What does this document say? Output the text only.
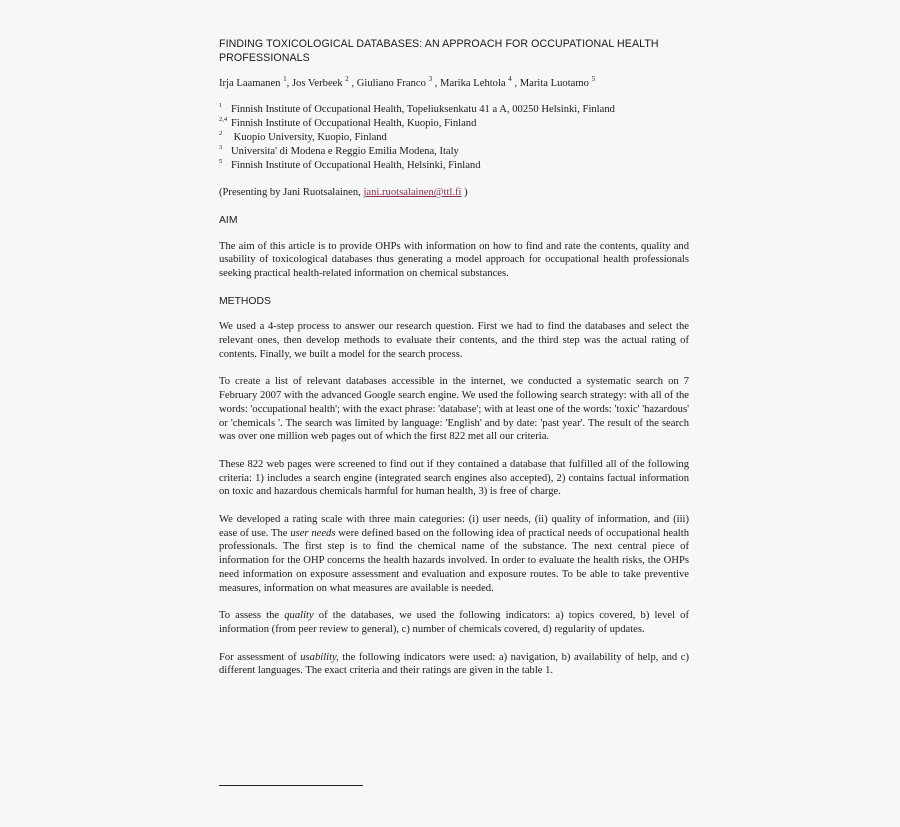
FINDING TOXICOLOGICAL DATABASES: AN APPROACH FOR OCCUPATIONAL HEALTH PROFESSIONALS
Irja Laamanen $^1$, Jos Verbeek $^2$ , Giuliano Franco $^3$ , Marika Lehtola $^4$ , Marita Luotamo $^5$
$^1$ Finnish Institute of Occupational Health, Topeliuksenkatu 41 a A, 00250 Helsinki, Finland
$^{2,4}$ Finnish Institute of Occupational Health, Kuopio, Finland
$^2$ Kuopio University, Kuopio, Finland
$^3$ Universita' di Modena e Reggio Emilia Modena, Italy
$^5$ Finnish Institute of Occupational Health, Helsinki, Finland
(Presenting by Jani Ruotsalainen, jani.ruotsalainen@ttl.fi )
AIM
The aim of this article is to provide OHPs with information on how to find and rate the contents, quality and usability of toxicological databases thus generating a model approach for occupational health professionals seeking practical health-related information on chemical substances.
METHODS
We used a 4-step process to answer our research question. First we had to find the databases and select the relevant ones, then develop methods to evaluate their contents, and the third step was the actual rating of contents. Finally, we built a model for the search process.
To create a list of relevant databases accessible in the internet, we conducted a systematic search on 7 February 2007 with the advanced Google search engine. We used the following search strategy: with all of the words: 'occupational health'; with the exact phrase: 'database'; with at least one of the words: 'toxic' 'hazardous' or 'chemicals '. The search was limited by language: 'English' and by date: 'past year'. The result of the search was over one million web pages out of which the first 822 met all our criteria.
These 822 web pages were screened to find out if they contained a database that fulfilled all of the following criteria: 1) includes a search engine (integrated search engines also accepted), 2) contains factual information on toxic and hazardous chemicals harmful for human health, 3) is free of charge.
We developed a rating scale with three main categories: (i) user needs, (ii) quality of information, and (iii) ease of use. The user needs were defined based on the following idea of practical needs of occupational health professionals. The first step is to find the chemical name of the substance. The next central piece of information for the OHP concerns the health hazards involved. In order to evaluate the health risks, the OHPs need information on exposure assessment and evaluation and exposure routes. To be able to take preventive measures, information on what measures are available is needed.
To assess the quality of the databases, we used the following indicators: a) topics covered, b) level of information (from peer review to general), c) number of chemicals covered, d) regularity of updates.
For assessment of usability, the following indicators were used: a) navigation, b) availability of help, and c) different languages. The exact criteria and their ratings are given in the table 1.
